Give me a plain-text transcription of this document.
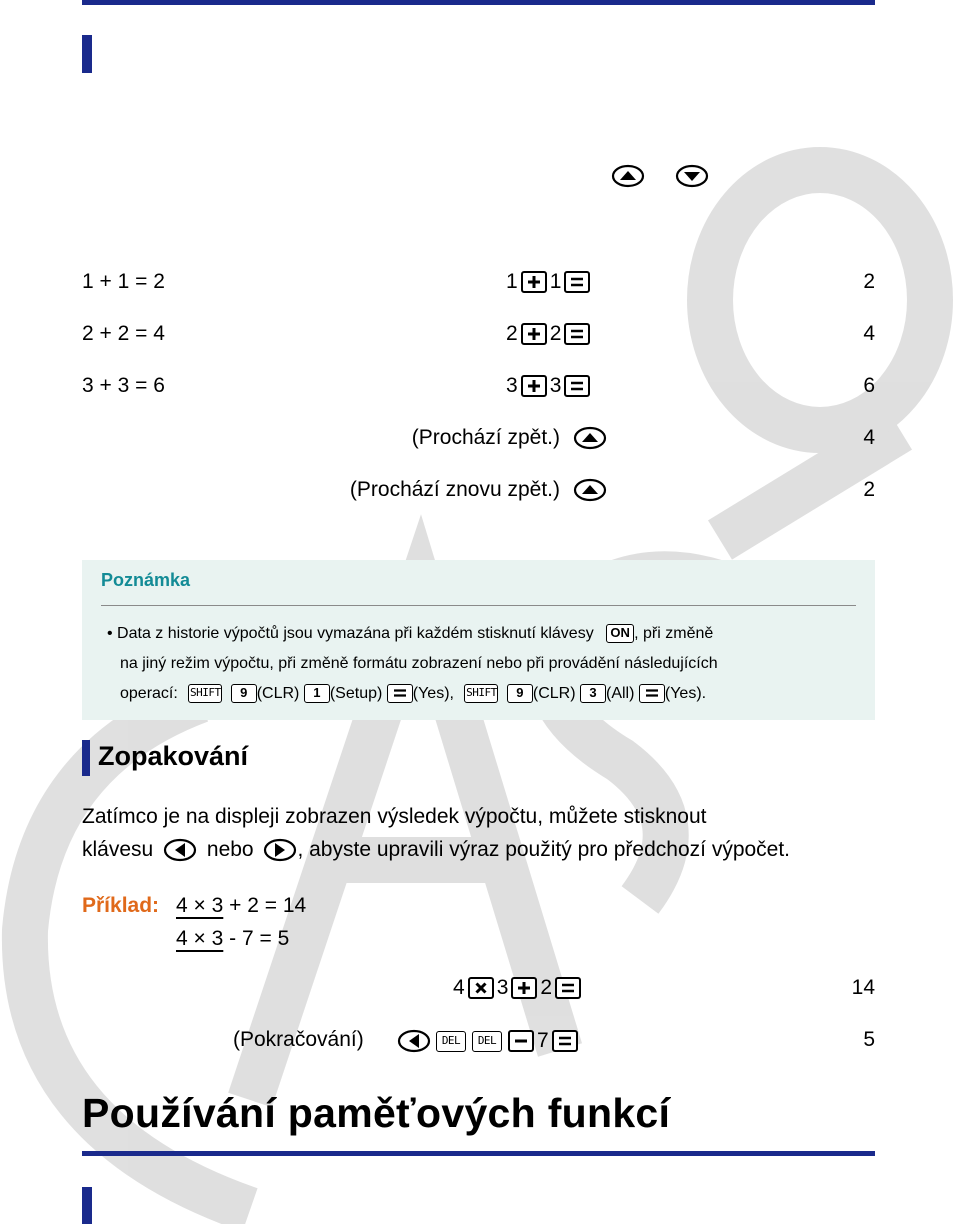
1 + 1 = 2	1 1	2
2 + 2 = 4	2 2	4
3 + 3 = 6	3 3	6
(Prochází zpět.)	4
(Prochází znovu zpět.)	2
Poznámka
• Data z historie výpočtů jsou vymazána při každém stisknutí klávesy ON , při změně
na jiný režim výpočtu, při změně formátu zobrazení nebo při provádění následujících
operací: SHIFT 9 (CLR) 1 (Setup) (Yes), SHIFT 9 (CLR) 3 (All) (Yes).
Zopakování
Zatímco je na displeji zobrazen výsledek výpočtu, můžete stisknout
klávesu	nebo , abyste upravili výraz použitý pro předchozí výpočet.
Příklad: 4 × 3 + 2 = 14
4 × 3 - 7 = 5
4 3 2	14
(Pokračování)	DEL	DEL 7	5
Používání paměťových funkcí
